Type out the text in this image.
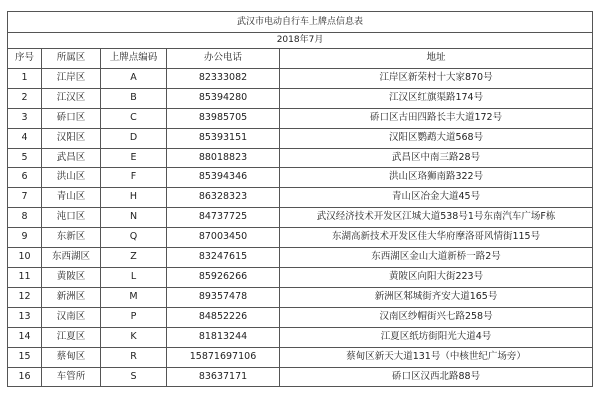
武汉市电动自行车上牌点信息表				
2018年7月				
序号	所属区	上牌点编码	办公电话	地址
1	江岸区	A	82333082	江岸区新荣村十大家870号
2	江汉区	B	85394280	江汉区红旗渠路174号
3	硚口区	C	83985705	硚口区古田四路长丰大道172号
4	汉阳区	D	85393151	汉阳区鹦鹉大道568号
5	武昌区	E	88018823	武昌区中南三路28号
6	洪山区	F	85394346	洪山区珞狮南路322号
7	青山区	H	86328323	青山区冶金大道45号
8	沌口区	N	84737725	武汉经济技术开发区江城大道538号1号东南汽车广场F栋
9	东新区	Q	87003450	东湖高新技术开发区佳大华府摩洛哥风情街115号
10	东西湖区	Z	83247615	东西湖区金山大道新桥一路2号
11	黄陂区	L	85926266	黄陂区向阳大街223号
12	新洲区	M	89357478	新洲区邾城街齐安大道165号
13	汉南区	P	84852226	汉南区纱帽街兴七路258号
14	江夏区	K	81813244	江夏区纸坊街阳光大道4号
15	蔡甸区	R	15871697106	蔡甸区新天大道131号（中核世纪广场旁）
16	车管所	S	83637171	硚口区汉西北路88号
